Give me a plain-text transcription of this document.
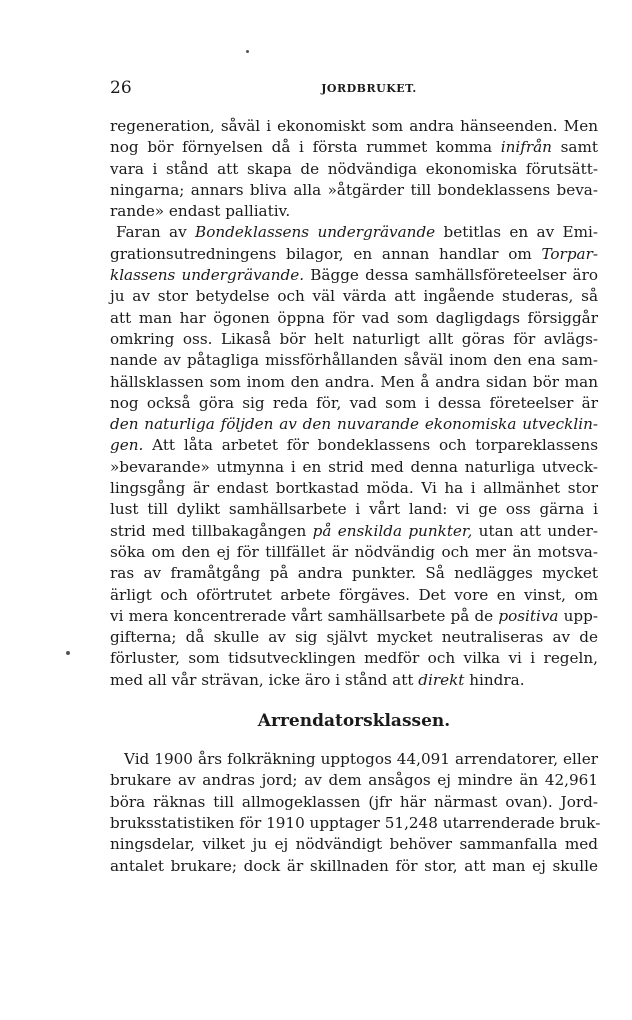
26	JORDBRUKET.
regeneration, såväl i ekonomiskt som andra hänseenden. Men
nog bör förnyelsen då i första rummet komma inifrån samt
vara i stånd att skapa de nödvändiga ekonomiska förutsätt-
ningarna; annars bliva alla »åtgärder till bondeklassens beva-
rande» endast palliativ.
Faran av Bondeklassens undergrävande betitlas en av Emi-
grationsutredningens bilagor, en annan handlar om Torpar-
klassens undergrävande. Bägge dessa samhällsföreteelser äro
ju av stor betydelse och väl värda att ingående studeras, så
att man har ögonen öppna för vad som dagligdags försiggår
omkring oss. Likaså bör helt naturligt allt göras för avlägs-
nande av påtagliga missförhållanden såväl inom den ena sam-
hällsklassen som inom den andra. Men å andra sidan bör man
nog också göra sig reda för, vad som i dessa företeelser är
den naturliga följden av den nuvarande ekonomiska utvecklin-
gen. Att låta arbetet för bondeklassens och torpareklassens
»bevarande» utmynna i en strid med denna naturliga utveck-
lingsgång är endast bortkastad möda. Vi ha i allmänhet stor
lust till dylikt samhällsarbete i vårt land: vi ge oss gärna i
strid med tillbakagången på enskilda punkter, utan att under-
söka om den ej för tillfället är nödvändig och mer än motsva-
ras av framåtgång på andra punkter. Så nedlägges mycket
ärligt och oförtrutet arbete förgäves. Det vore en vinst, om
vi mera koncentrerade vårt samhällsarbete på de positiva upp-
gifterna; då skulle av sig självt mycket neutraliseras av de
förluster, som tidsutvecklingen medför och vilka vi i regeln,
med all vår strävan, icke äro i stånd att direkt hindra.
Arrendatorsklassen.
Vid 1900 års folkräkning upptogos 44,091 arrendatorer, eller
brukare av andras jord; av dem ansågos ej mindre än 42,961
böra räknas till allmogeklassen (jfr här närmast ovan). Jord-
bruksstatistiken för 1910 upptager 51,248 utarrenderade bruk-
ningsdelar, vilket ju ej nödvändigt behöver sammanfalla med
antalet brukare; dock är skillnaden för stor, att man ej skulle
